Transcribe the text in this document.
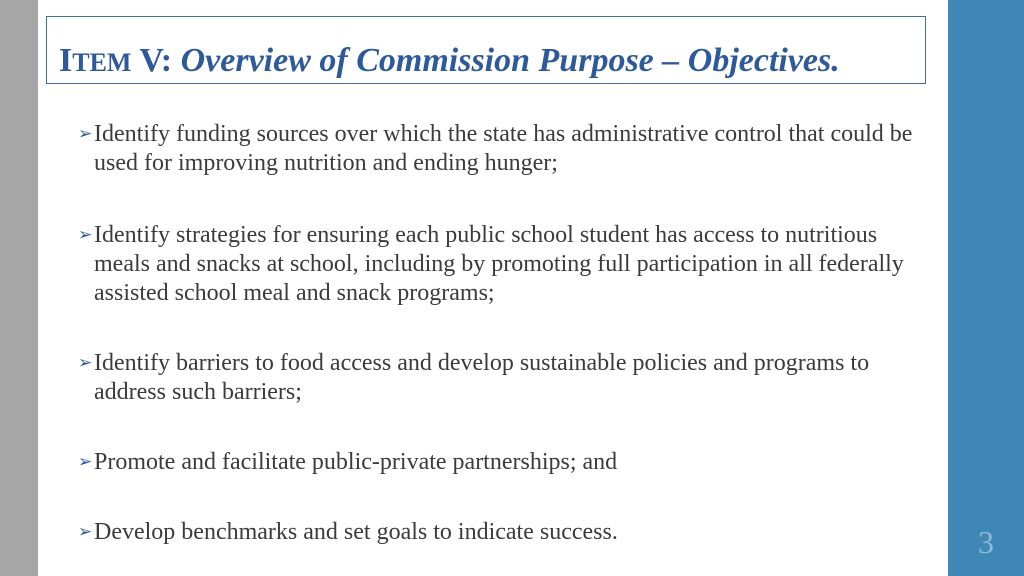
ITEM V: Overview of Commission Purpose – Objectives.
➢ Identify funding sources over which the state has administrative control that could be used for improving nutrition and ending hunger;
➢ Identify strategies for ensuring each public school student has access to nutritious meals and snacks at school, including by promoting full participation in all federally assisted school meal and snack programs;
➢ Identify barriers to food access and develop sustainable policies and programs to address such barriers;
➢ Promote and facilitate public-private partnerships; and
➢ Develop benchmarks and set goals to indicate success.	3
